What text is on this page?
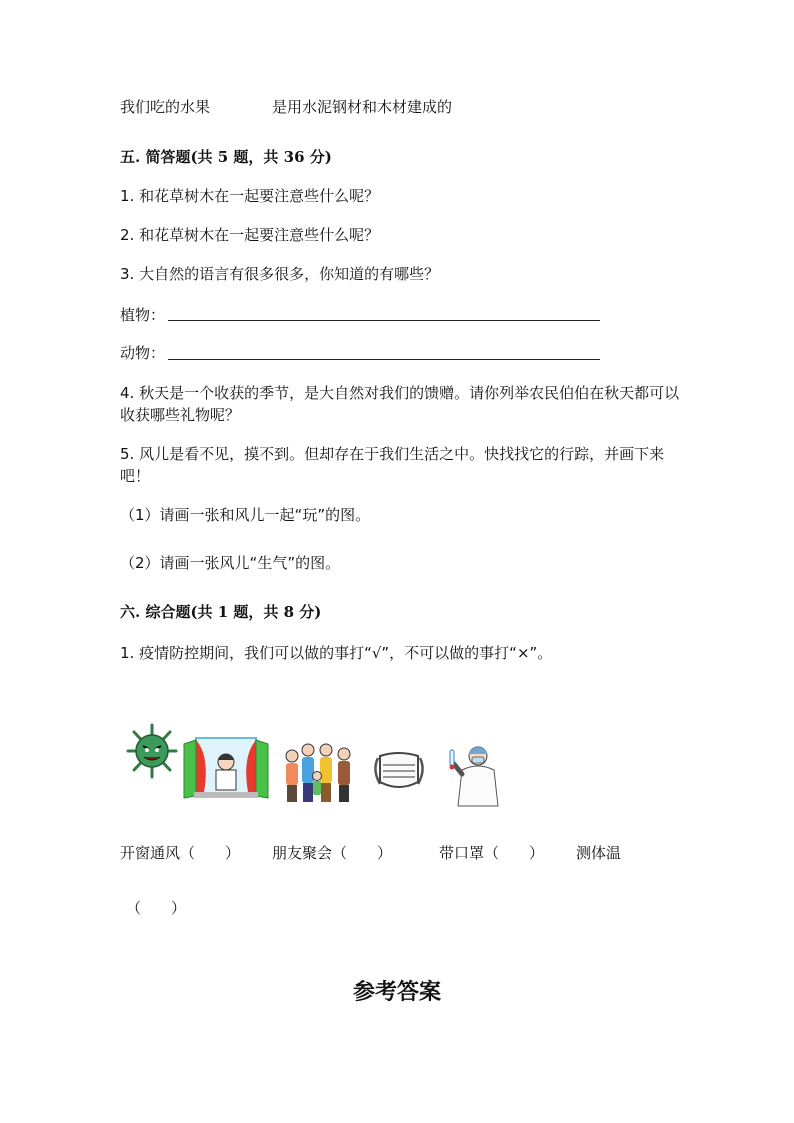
我们吃的水果	是用水泥钢材和木材建成的
五. 简答题(共 5 题，共 36 分)
1. 和花草树木在一起要注意些什么呢？
2. 和花草树木在一起要注意些什么呢？
3. 大自然的语言有很多很多，你知道的有哪些？
植物：
动物：
4. 秋天是一个收获的季节，是大自然对我们的馈赠。请你列举农民伯伯在秋天都可以收获哪些礼物呢？
5. 风儿是看不见，摸不到。但却存在于我们生活之中。快找找它的行踪，并画下来吧！
（1）请画一张和风儿一起“玩”的图。
（2）请画一张风儿“生气”的图。
六. 综合题(共 1 题，共 8 分)
1. 疫情防控期间，我们可以做的事打“√”，不可以做的事打“×”。
开窗通风（　　） 朋友聚会（　　）	带口罩（　　） 测体温
（　　）
参考答案
